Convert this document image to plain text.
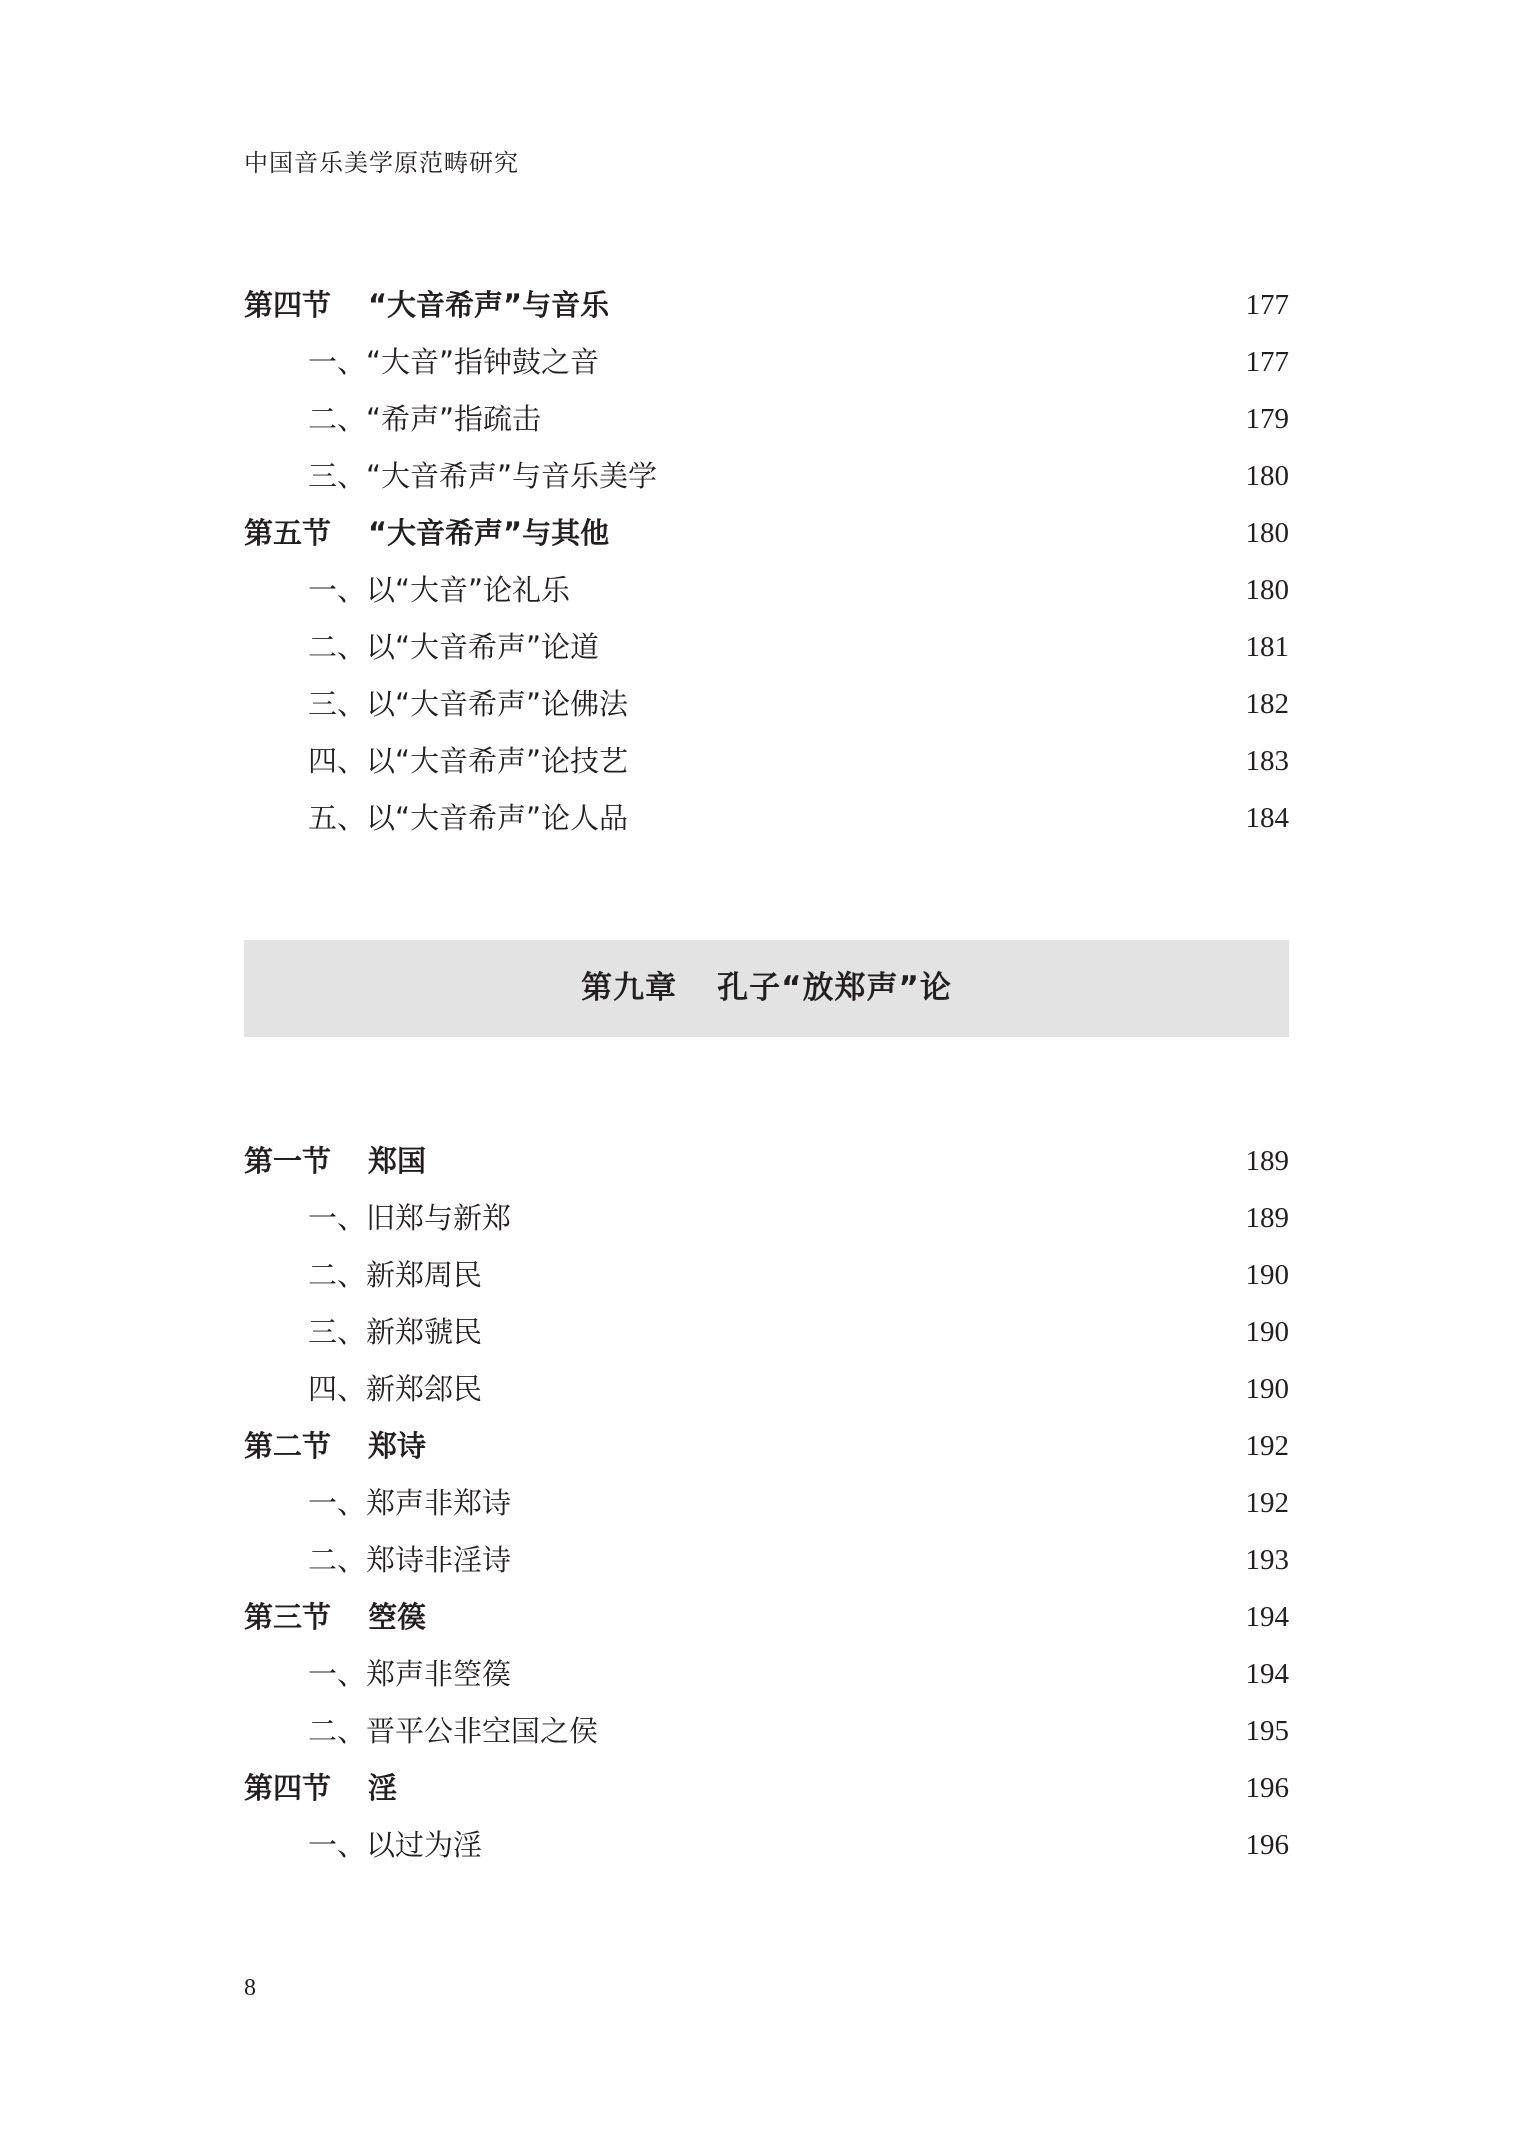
中国音乐美学原范畴研究
第四节 “大音希声”与音乐	177
一、“大音”指钟鼓之音	177
二、“希声”指疏击	179
三、“大音希声”与音乐美学	180
第五节 “大音希声”与其他	180
一、以“大音”论礼乐	180
二、以“大音希声”论道	181
三、以“大音希声”论佛法	182
四、以“大音希声”论技艺	183
五、以“大音希声”论人品	184
第九章 孔子“放郑声”论
第一节 郑国	189
一、旧郑与新郑	189
二、新郑周民	190
三、新郑虢民	190
四、新郑郐民	190
第二节 郑诗	192
一、郑声非郑诗	192
二、郑诗非淫诗	193
第三节 箜篌	194
一、郑声非箜篌	194
二、晋平公非空国之侯	195
第四节 淫	196
一、以过为淫	196
8
